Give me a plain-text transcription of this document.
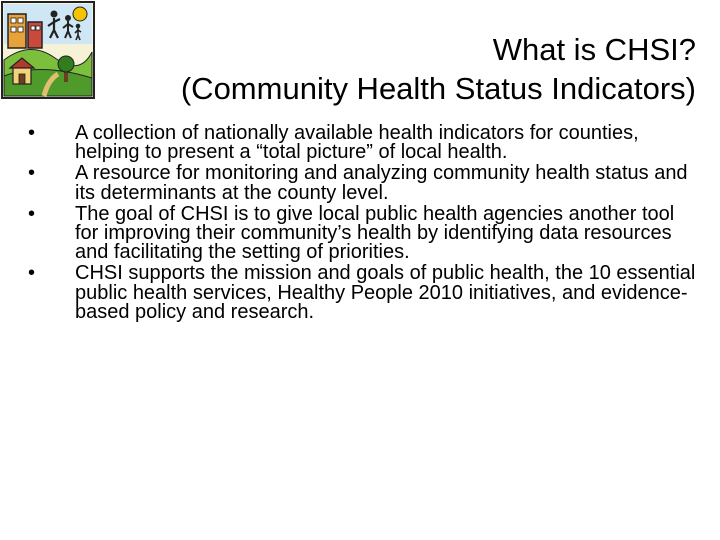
What is CHSI?
(Community Health Status Indicators)
•	A collection of nationally available health indicators for counties, helping to present a “total picture” of local health.
•	A resource for monitoring and analyzing community health status and its determinants at the county level.
•	The goal of CHSI is to give local public health agencies another tool for improving their community’s health by identifying data resources and facilitating the setting of priorities.
•	CHSI supports the mission and goals of public health, the 10 essential public health services, Healthy People 2010 initiatives, and evidence-based policy and research.
